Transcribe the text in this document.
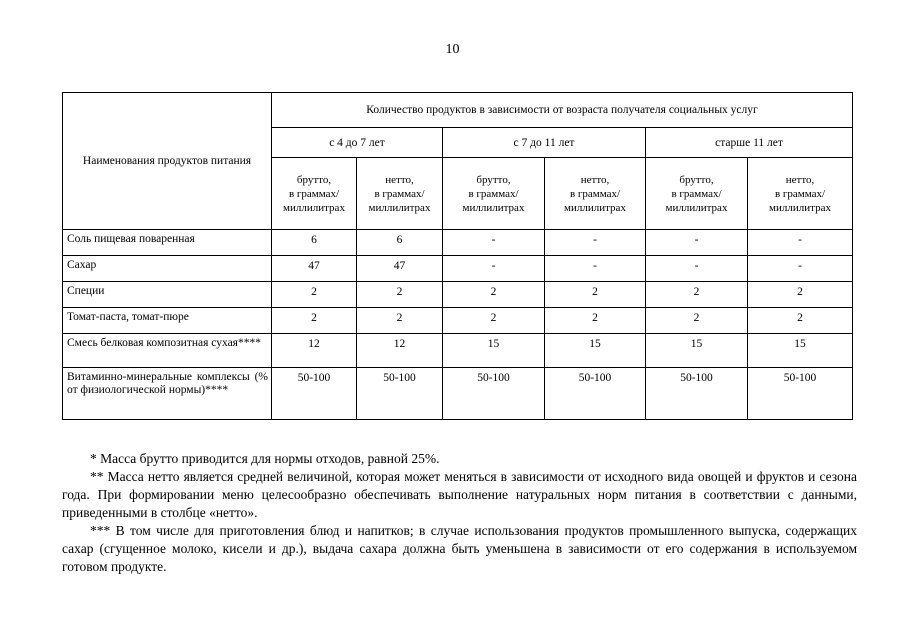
10
Наименования продуктов питания	Количество продуктов в зависимости от возраста получателя социальных услуг					
	с 4 до 7 лет		с 7 до 11 лет		старше 11 лет	
	брутто,
в граммах/
миллилитрах	нетто,
в граммах/
миллилитрах	брутто,
в граммах/
миллилитрах	нетто,
в граммах/
миллилитрах	брутто,
в граммах/
миллилитрах	нетто,
в граммах/
миллилитрах
Соль пищевая поваренная	6	6	-	-	-	-
Сахар	47	47	-	-	-	-
Специи	2	2	2	2	2	2
Томат-паста, томат-пюре	2	2	2	2	2	2
Смесь белковая композитная сухая****	12	12	15	15	15	15
Витаминно-минеральные комплексы (% от физиологической нормы)****	50-100	50-100	50-100	50-100	50-100	50-100

* Масса брутто приводится для нормы отходов, равной 25%.

** Масса нетто является средней величиной, которая может меняться в зависимости от исходного вида овощей и фруктов и сезона года. При формировании меню целесообразно обеспечивать выполнение натуральных норм питания в соответствии с данными, приведенными в столбце «нетто».

*** В том числе для приготовления блюд и напитков; в случае использования продуктов промышленного выпуска, содержащих сахар (сгущенное молоко, кисели и др.), выдача сахара должна быть уменьшена в зависимости от его содержания в используемом готовом продукте.
